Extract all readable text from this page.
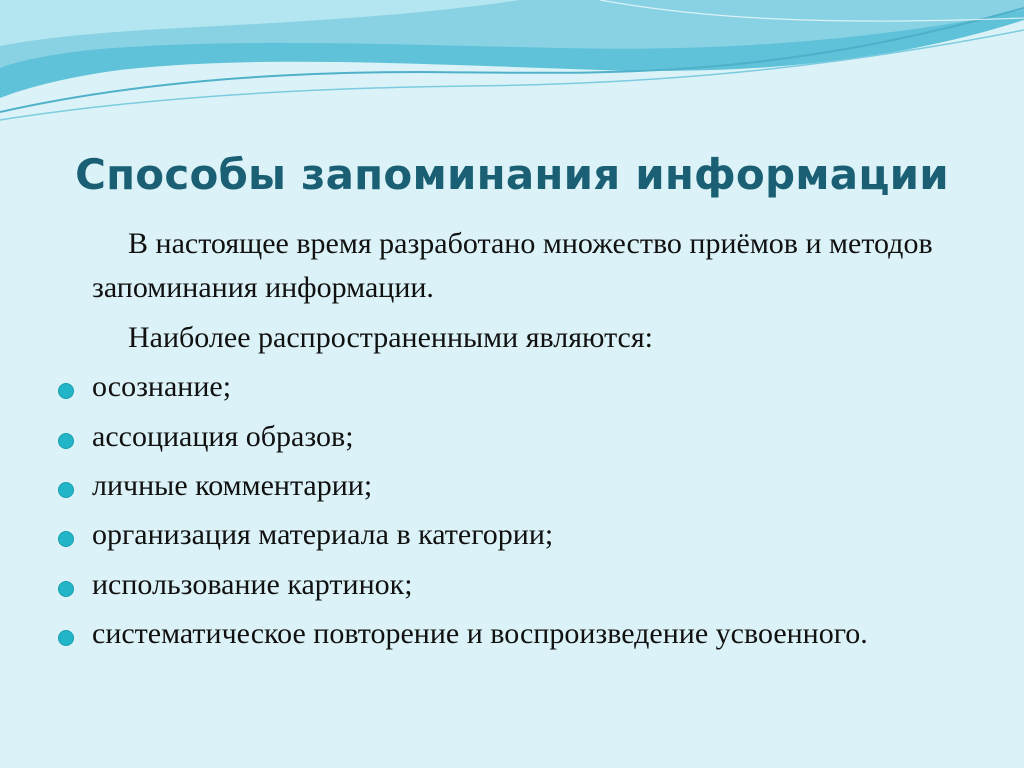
Способы запоминания информации

В настоящее время разработано множество приёмов и методов запоминания информации.

Наиболее распространенными являются:

осознание;
ассоциация образов;
личные комментарии;
организация материала в категории;
использование картинок;
систематическое повторение и воспроизведение усвоенного.
